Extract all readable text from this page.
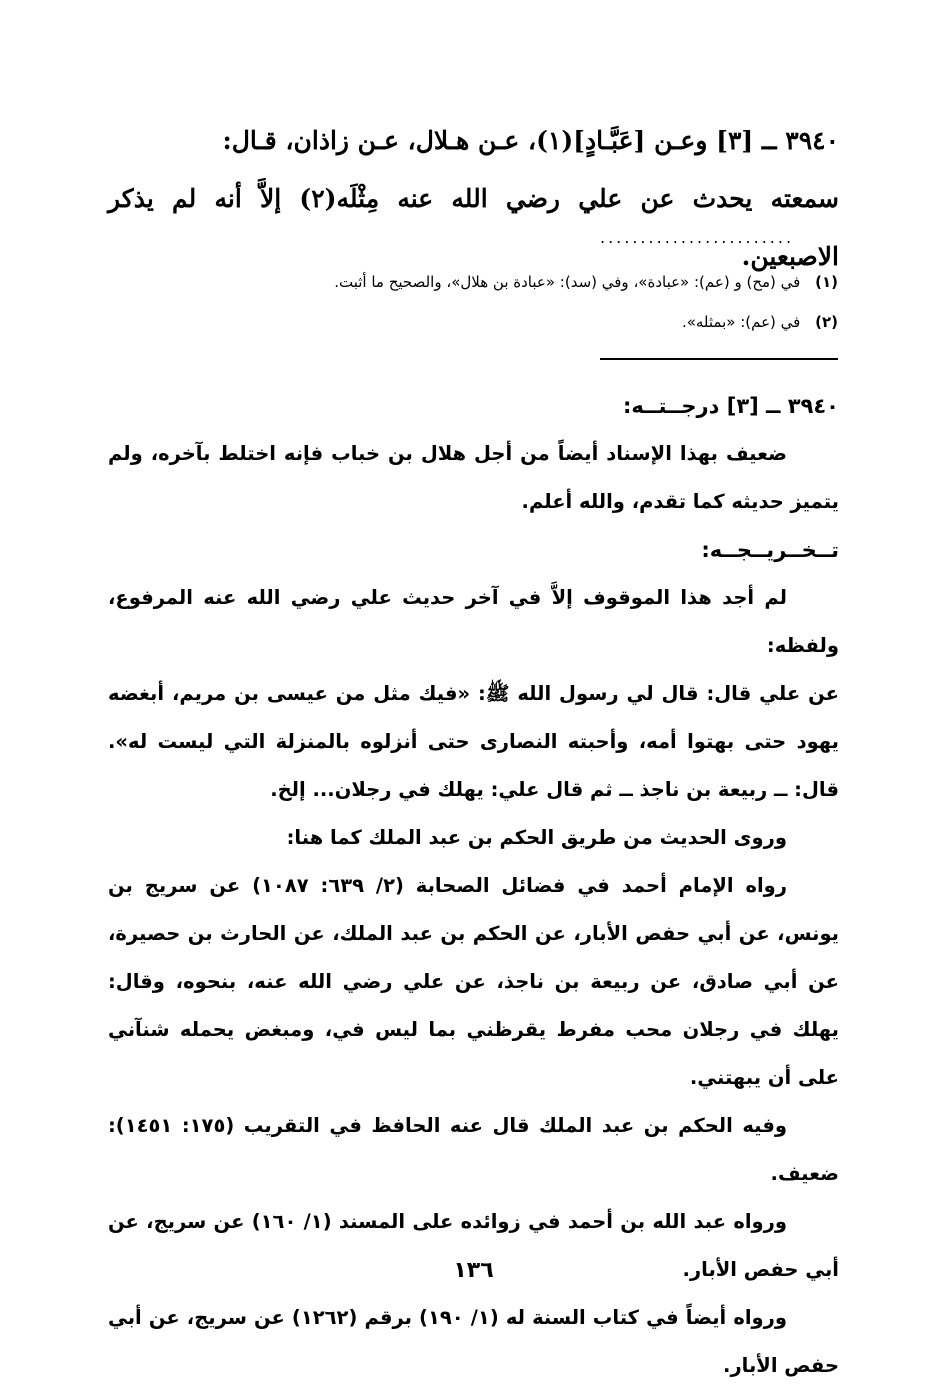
٣٩٤٠ ــ [٣] وعـن [عَبَّـادٍ](١)، عـن هـلال، عـن زاذان، قـال:

سمعته يحدث عن علي رضي الله عنه مِثْلَه(٢) إلاَّ أنه لم يذكر الاصبعين.

........................
(١) في (مح) و (عم): «عبادة»، وفي (سد): «عبادة بن هلال»، والصحيح ما أثبت.
(٢) في (عم): «بمثله».

٣٩٤٠ ــ [٣] درجــتــه:

ضعيف بهذا الإسناد أيضاً من أجل هلال بن خباب فإنه اختلط بآخره، ولم يتميز حديثه كما تقدم، والله أعلم.

تــخــريــجــه:

لم أجد هذا الموقوف إلاَّ في آخر حديث علي رضي الله عنه المرفوع، ولفظه:

عن علي قال: قال لي رسول الله ﷺ: «فيك مثل من عيسى بن مريم، أبغضه يهود حتى بهتوا أمه، وأحبته النصارى حتى أنزلوه بالمنزلة التي ليست له». قال: ــ ربيعة بن ناجذ ــ ثم قال علي: يهلك في رجلان... إلخ.

وروى الحديث من طريق الحكم بن عبد الملك كما هنا:

رواه الإمام أحمد في فضائل الصحابة (٢/ ٦٣٩: ١٠٨٧) عن سريج بن يونس، عن أبي حفص الأبار، عن الحكم بن عبد الملك، عن الحارث بن حصيرة، عن أبي صادق، عن ربيعة بن ناجذ، عن علي رضي الله عنه، بنحوه، وقال: يهلك في رجلان محب مفرط يقرظني بما ليس في، ومبغض يحمله شنآني على أن يبهتني.

وفيه الحكم بن عبد الملك قال عنه الحافظ في التقريب (١٧٥: ١٤٥١): ضعيف.

ورواه عبد الله بن أحمد في زوائده على المسند (١/ ١٦٠) عن سريج، عن أبي حفص الأبار.

ورواه أيضاً في كتاب السنة له (١/ ١٩٠) برقم (١٢٦٢) عن سريج، عن أبي حفص الأبار.

١٣٦
